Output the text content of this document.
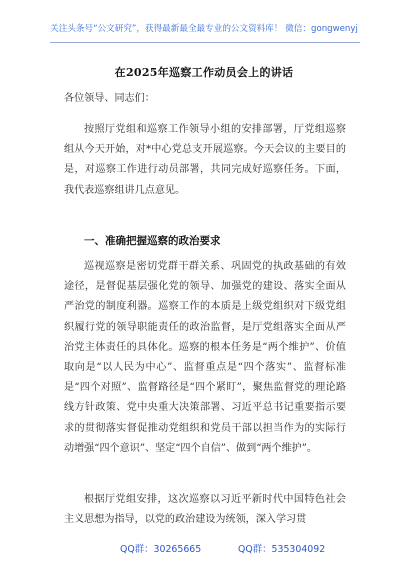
关注头条号“公文研究”，获得最新最全最专业的公文资料库！ 微信：gongwenyj
在2025年巡察工作动员会上的讲话
各位领导、同志们：
按照厅党组和巡察工作领导小组的安排部署，厅党组巡察组从今天开始，对*中心党总支开展巡察。今天会议的主要目的是，对巡察工作进行动员部署，共同完成好巡察任务。下面，我代表巡察组讲几点意见。
一、准确把握巡察的政治要求
巡视巡察是密切党群干群关系、巩固党的执政基础的有效途径，是督促基层强化党的领导、加强党的建设、落实全面从严治党的制度利器。巡察工作的本质是上级党组织对下级党组织履行党的领导职能责任的政治监督，是厅党组落实全面从严治党主体责任的具体化。巡察的根本任务是“两个维护”、价值取向是“以人民为中心”、监督重点是“四个落实”、监督标准是“四个对照”、监督路径是“四个紧盯”，聚焦监督党的理论路线方针政策、党中央重大决策部署、习近平总书记重要指示要求的贯彻落实督促推动党组织和党员干部以担当作为的实际行动增强“四个意识”、坚定“四个自信”、做到“两个维护”。
根据厅党组安排，这次巡察以习近平新时代中国特色社会主义思想为指导，以党的政治建设为统领，深入学习贯
QQ群：30265665	QQ群：535304092
